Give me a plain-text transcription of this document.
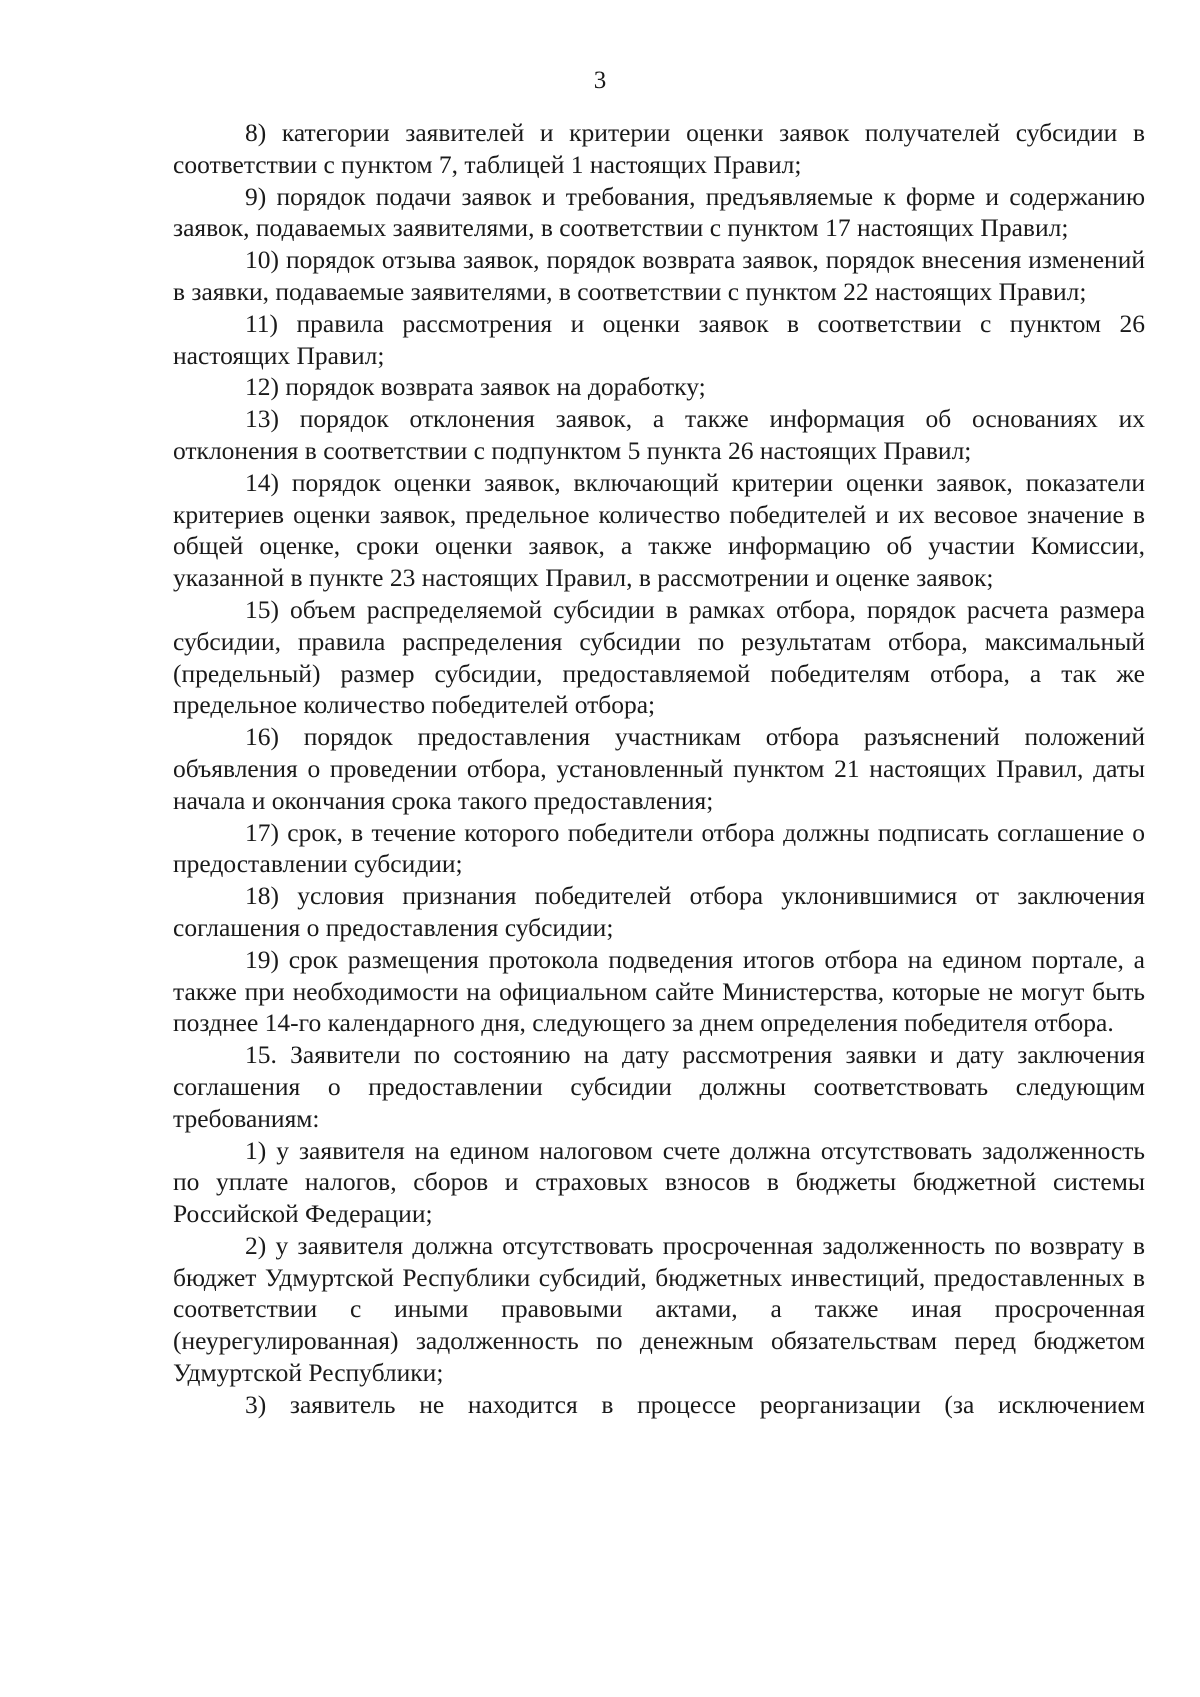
3

8) категории заявителей и критерии оценки заявок получателей субсидии в соответствии с пунктом 7, таблицей 1 настоящих Правил;

9) порядок подачи заявок и требования, предъявляемые к форме и содержанию заявок, подаваемых заявителями, в соответствии с пунктом 17 настоящих Правил;

10) порядок отзыва заявок, порядок возврата заявок, порядок внесения изменений в заявки, подаваемые заявителями, в соответствии с пунктом 22 настоящих Правил;

11) правила рассмотрения и оценки заявок в соответствии с пунктом 26 настоящих Правил;

12) порядок возврата заявок на доработку;

13) порядок отклонения заявок, а также информация об основаниях их отклонения в соответствии с подпунктом 5 пункта 26 настоящих Правил;

14) порядок оценки заявок, включающий критерии оценки заявок, показатели критериев оценки заявок, предельное количество победителей и их весовое значение в общей оценке, сроки оценки заявок, а также информацию об участии Комиссии, указанной в пункте 23 настоящих Правил, в рассмотрении и оценке заявок;

15) объем распределяемой субсидии в рамках отбора, порядок расчета размера субсидии, правила распределения субсидии по результатам отбора, максимальный (предельный) размер субсидии, предоставляемой победителям отбора, а так же предельное количество победителей отбора;

16) порядок предоставления участникам отбора разъяснений положений объявления о проведении отбора, установленный пунктом 21 настоящих Правил, даты начала и окончания срока такого предоставления;

17) срок, в течение которого победители отбора должны подписать соглашение о предоставлении субсидии;

18) условия признания победителей отбора уклонившимися от заключения соглашения о предоставления субсидии;

19) срок размещения протокола подведения итогов отбора на едином портале, а также при необходимости на официальном сайте Министерства, которые не могут быть позднее 14-го календарного дня, следующего за днем определения победителя отбора.

15. Заявители по состоянию на дату рассмотрения заявки и дату заключения соглашения о предоставлении субсидии должны соответствовать следующим требованиям:

1) у заявителя на едином налоговом счете должна отсутствовать задолженность по уплате налогов, сборов и страховых взносов в бюджеты бюджетной системы Российской Федерации;

2) у заявителя должна отсутствовать просроченная задолженность по возврату в бюджет Удмуртской Республики субсидий, бюджетных инвестиций, предоставленных в соответствии с иными правовыми актами, а также иная просроченная (неурегулированная) задолженность по денежным обязательствам перед бюджетом Удмуртской Республики;

3) заявитель не находится в процессе реорганизации (за исключением
